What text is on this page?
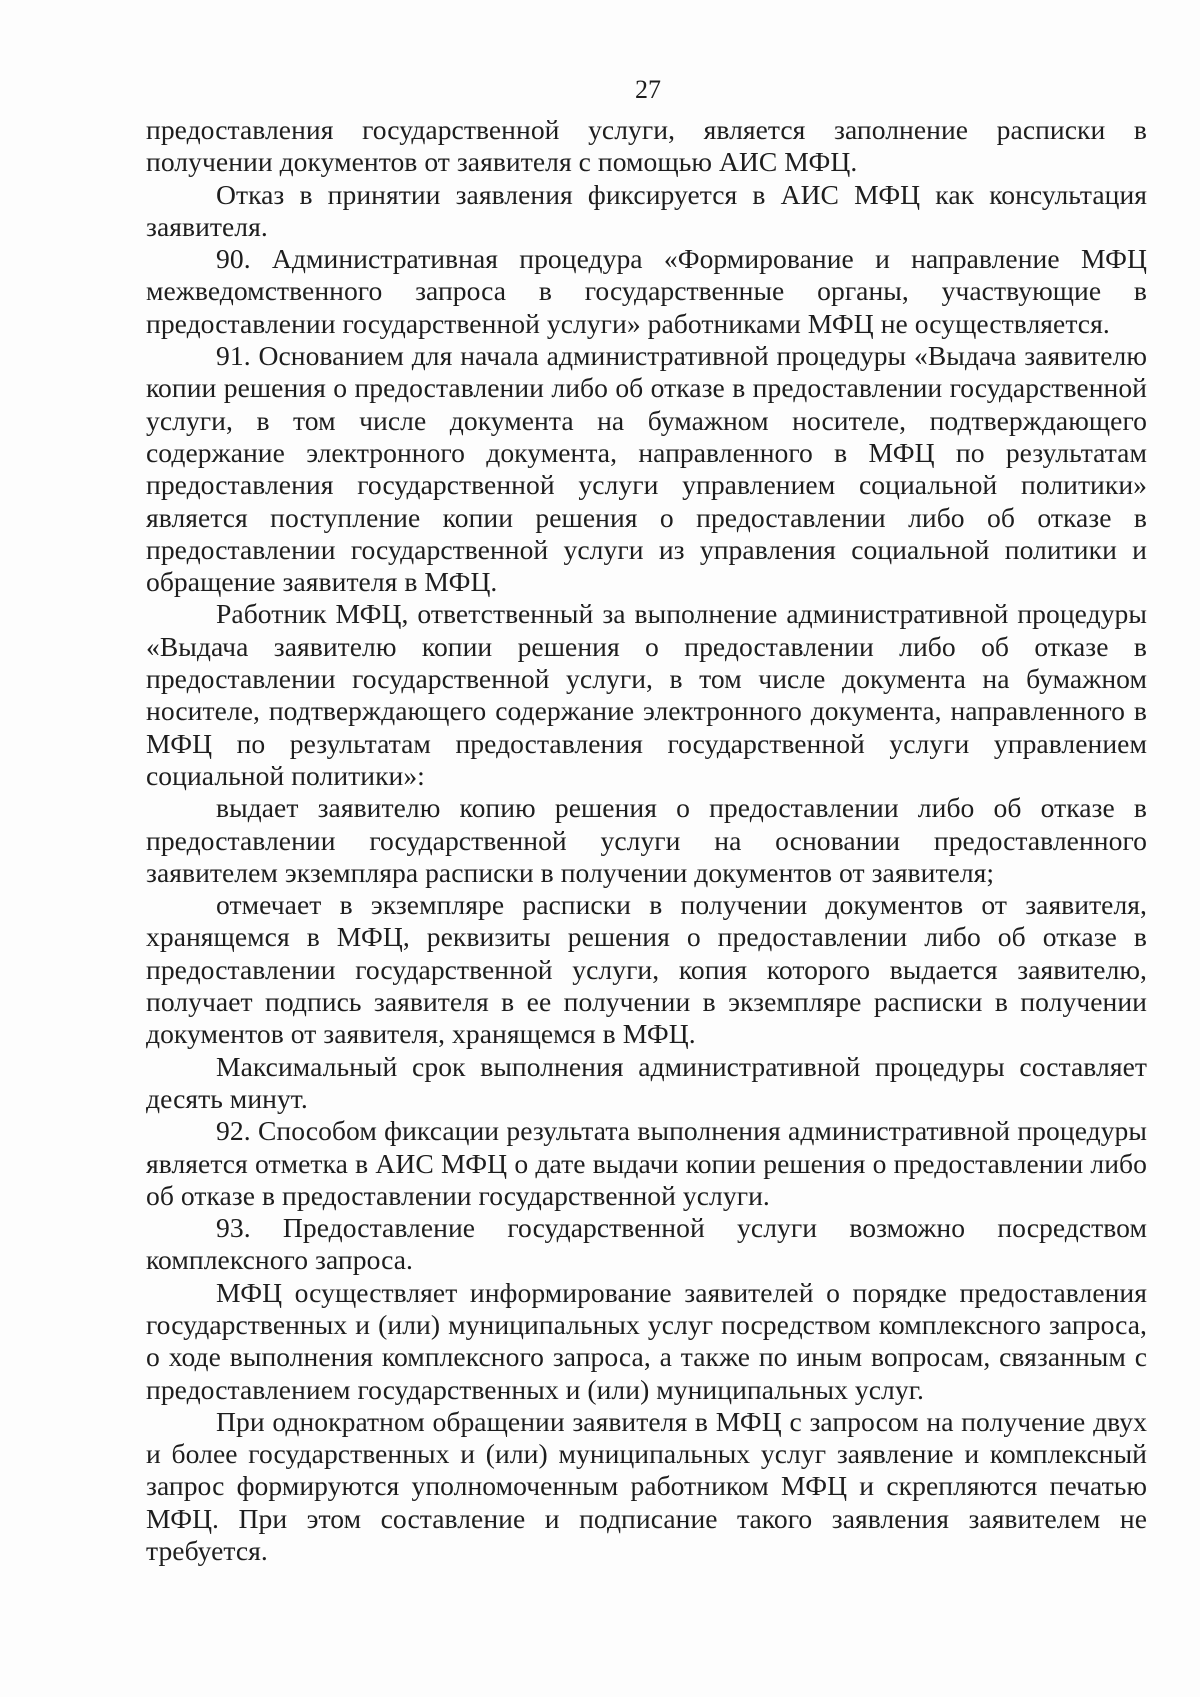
27

предоставления государственной услуги, является заполнение расписки в получении документов от заявителя с помощью АИС МФЦ.

Отказ в принятии заявления фиксируется в АИС МФЦ как консультация заявителя.

90. Административная процедура «Формирование и направление МФЦ межведомственного запроса в государственные органы, участвующие в предоставлении государственной услуги» работниками МФЦ не осуществляется.

91. Основанием для начала административной процедуры «Выдача заявителю копии решения о предоставлении либо об отказе в предоставлении государственной услуги, в том числе документа на бумажном носителе, подтверждающего содержание электронного документа, направленного в МФЦ по результатам предоставления государственной услуги управлением социальной политики» является поступление копии решения о предоставлении либо об отказе в предоставлении государственной услуги из управления социальной политики и обращение заявителя в МФЦ.

Работник МФЦ, ответственный за выполнение административной процедуры «Выдача заявителю копии решения о предоставлении либо об отказе в предоставлении государственной услуги, в том числе документа на бумажном носителе, подтверждающего содержание электронного документа, направленного в МФЦ по результатам предоставления государственной услуги управлением социальной политики»:

выдает заявителю копию решения о предоставлении либо об отказе в предоставлении государственной услуги на основании предоставленного заявителем экземпляра расписки в получении документов от заявителя;

отмечает в экземпляре расписки в получении документов от заявителя, хранящемся в МФЦ, реквизиты решения о предоставлении либо об отказе в предоставлении государственной услуги, копия которого выдается заявителю, получает подпись заявителя в ее получении в экземпляре расписки в получении документов от заявителя, хранящемся в МФЦ.

Максимальный срок выполнения административной процедуры составляет десять минут.

92. Способом фиксации результата выполнения административной процедуры является отметка в АИС МФЦ о дате выдачи копии решения о предоставлении либо об отказе в предоставлении государственной услуги.

93. Предоставление государственной услуги возможно посредством комплексного запроса.

МФЦ осуществляет информирование заявителей о порядке предоставления государственных и (или) муниципальных услуг посредством комплексного запроса, о ходе выполнения комплексного запроса, а также по иным вопросам, связанным с предоставлением государственных и (или) муниципальных услуг.

При однократном обращении заявителя в МФЦ с запросом на получение двух и более государственных и (или) муниципальных услуг заявление и комплексный запрос формируются уполномоченным работником МФЦ и скрепляются печатью МФЦ. При этом составление и подписание такого заявления заявителем не требуется.
